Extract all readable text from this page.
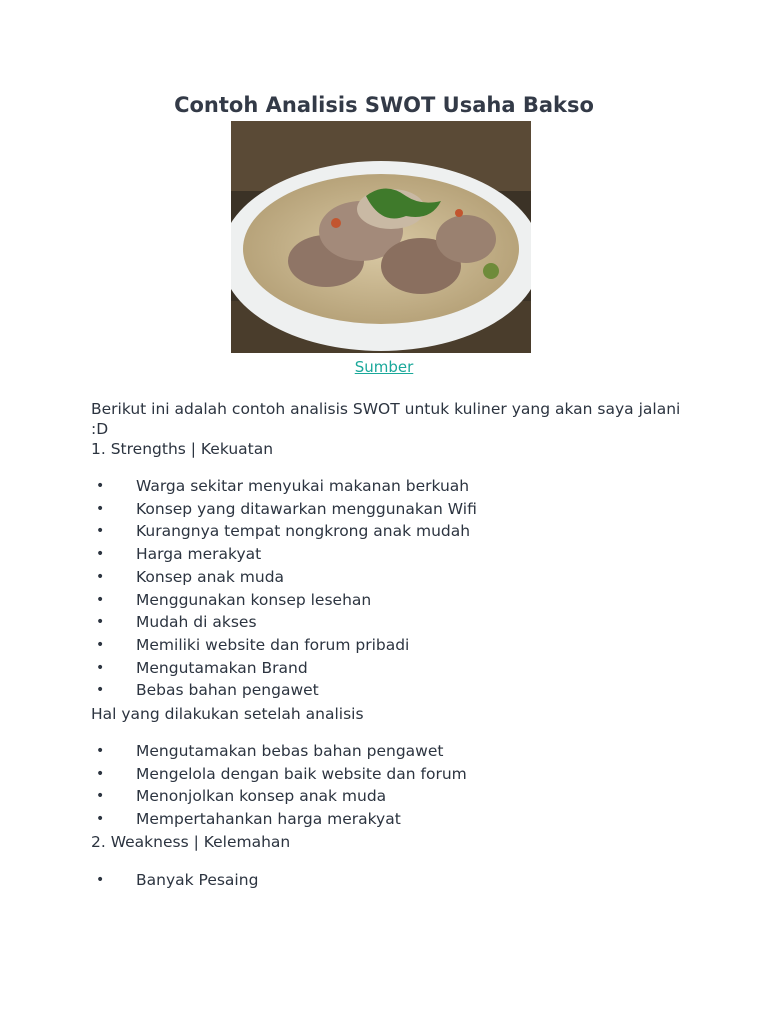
Contoh Analisis SWOT Usaha Bakso
Sumber
Berikut ini adalah contoh analisis SWOT untuk kuliner yang akan saya jalani :D
1. Strengths | Kekuatan
• Warga sekitar menyukai makanan berkuah
• Konsep yang ditawarkan menggunakan Wifi
• Kurangnya tempat nongkrong anak mudah
• Harga merakyat
• Konsep anak muda
• Menggunakan konsep lesehan
• Mudah di akses
• Memiliki website dan forum pribadi
• Mengutamakan Brand
• Bebas bahan pengawet
Hal yang dilakukan setelah analisis
• Mengutamakan bebas bahan pengawet
• Mengelola dengan baik website dan forum
• Menonjolkan konsep anak muda
• Mempertahankan harga merakyat
2. Weakness | Kelemahan
• Banyak Pesaing
